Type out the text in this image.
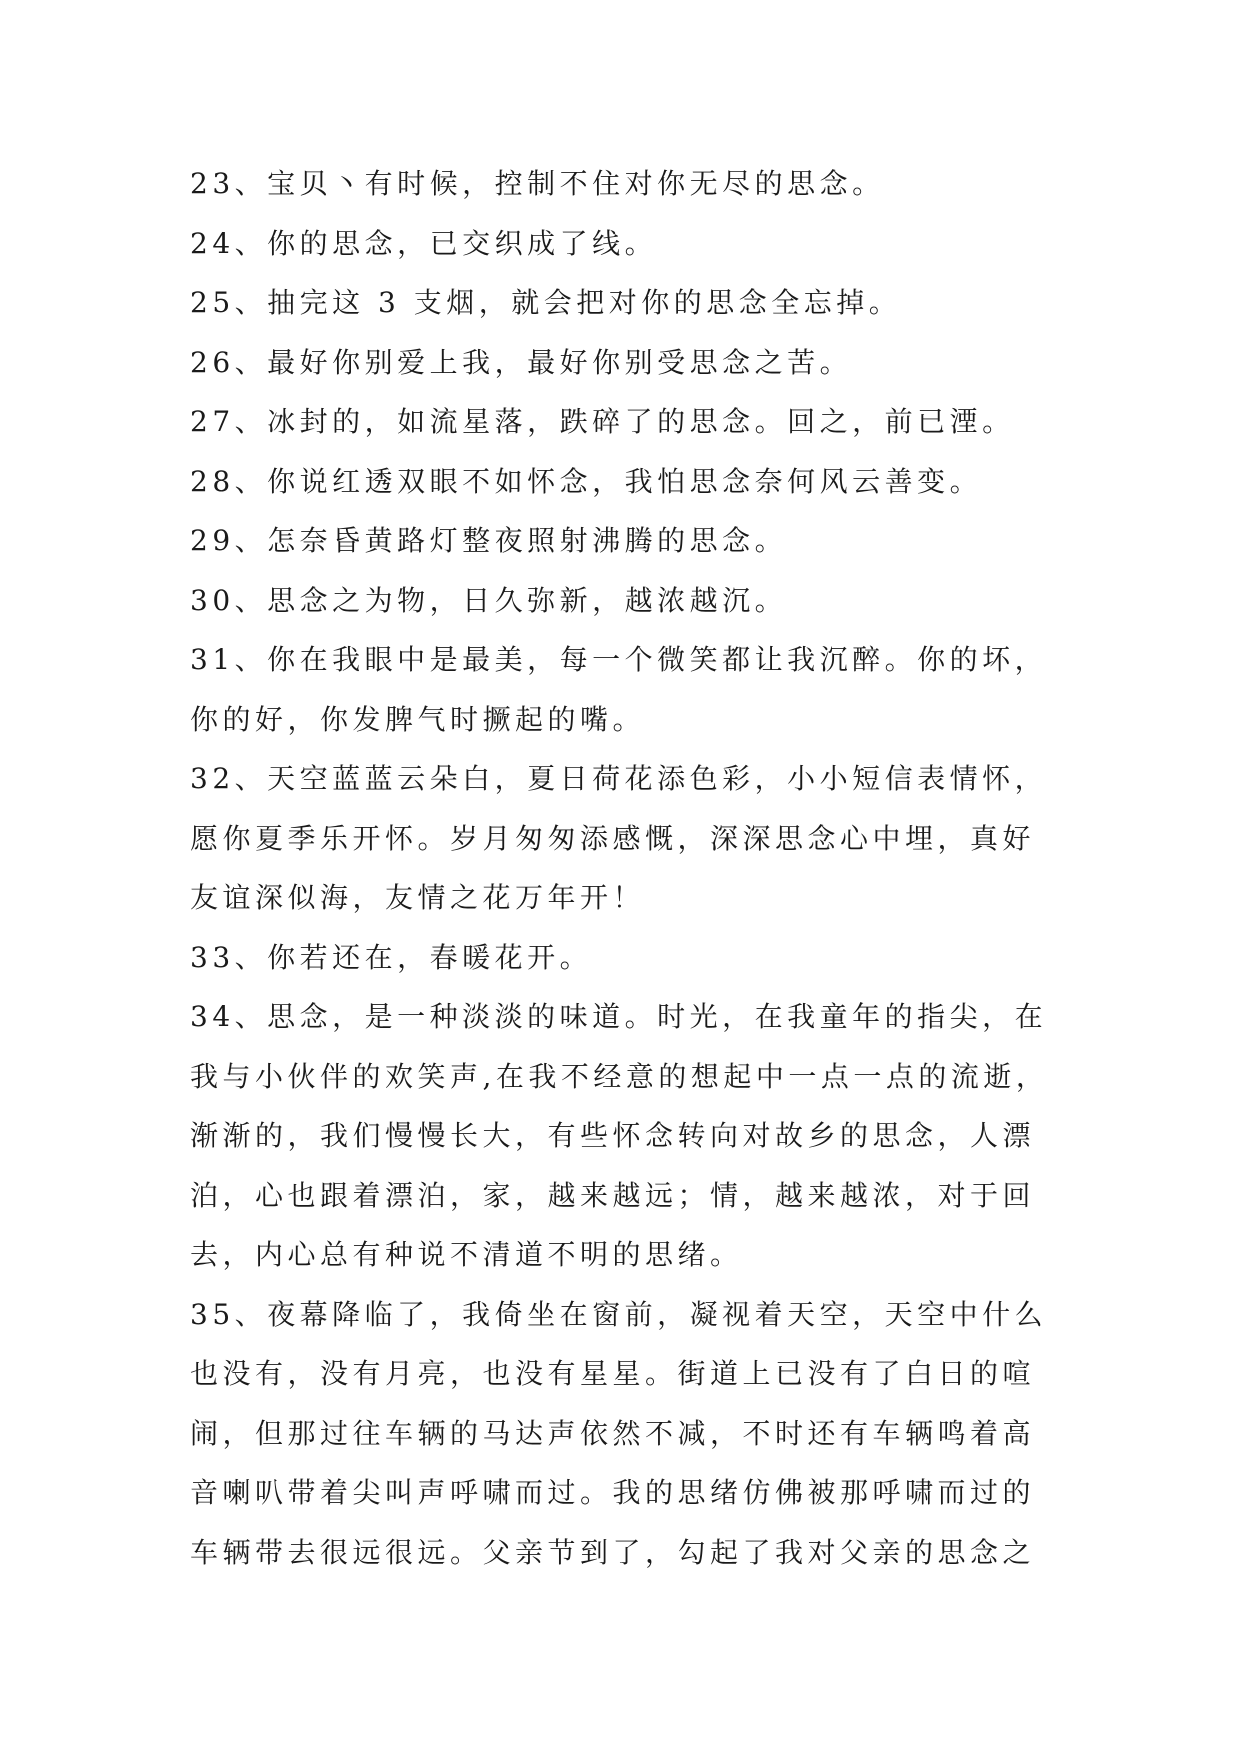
23、宝贝丶有时候，控制不住对你无尽的思念。
24、你的思念，已交织成了线。
25、抽完这 3 支烟，就会把对你的思念全忘掉。
26、最好你别爱上我，最好你别受思念之苦。
27、冰封的，如流星落，跌碎了的思念。回之，前已湮。
28、你说红透双眼不如怀念，我怕思念奈何风云善变。
29、怎奈昏黄路灯整夜照射沸腾的思念。
30、思念之为物，日久弥新，越浓越沉。
31、你在我眼中是最美，每一个微笑都让我沉醉。你的坏，
你的好，你发脾气时撅起的嘴。
32、天空蓝蓝云朵白，夏日荷花添色彩，小小短信表情怀，
愿你夏季乐开怀。岁月匆匆添感慨，深深思念心中埋，真好
友谊深似海，友情之花万年开！
33、你若还在，春暖花开。
34、思念，是一种淡淡的味道。时光，在我童年的指尖，在
我与小伙伴的欢笑声,在我不经意的想起中一点一点的流逝，
渐渐的，我们慢慢长大，有些怀念转向对故乡的思念，人漂
泊，心也跟着漂泊，家，越来越远；情，越来越浓，对于回
去，内心总有种说不清道不明的思绪。
35、夜幕降临了，我倚坐在窗前，凝视着天空，天空中什么
也没有，没有月亮，也没有星星。街道上已没有了白日的喧
闹，但那过往车辆的马达声依然不减，不时还有车辆鸣着高
音喇叭带着尖叫声呼啸而过。我的思绪仿佛被那呼啸而过的
车辆带去很远很远。父亲节到了，勾起了我对父亲的思念之
